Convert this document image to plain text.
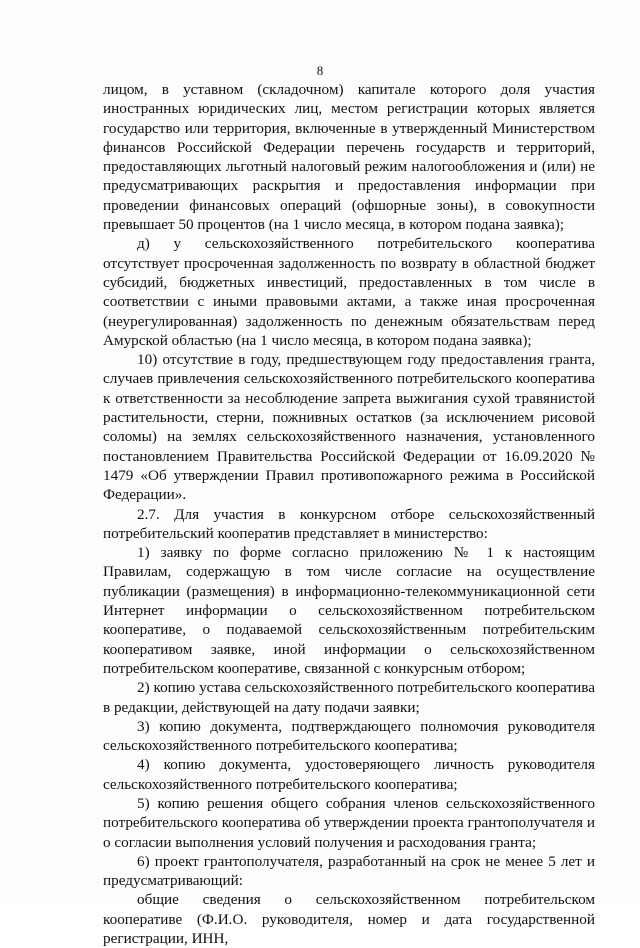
8

лицом, в уставном (складочном) капитале которого доля участия иностранных юридических лиц, местом регистрации которых является государство или территория, включенные в утвержденный Министерством финансов Российской Федерации перечень государств и территорий, предоставляющих льготный налоговый режим налогообложения и (или) не предусматривающих раскрытия и предоставления информации при проведении финансовых операций (офшорные зоны), в совокупности превышает 50 процентов (на 1 число месяца, в котором подана заявка);

д) у сельскохозяйственного потребительского кооператива отсутствует просроченная задолженность по возврату в областной бюджет субсидий, бюджетных инвестиций, предоставленных в том числе в соответствии с иными правовыми актами, а также иная просроченная (неурегулированная) задолженность по денежным обязательствам перед Амурской областью (на 1 число месяца, в котором подана заявка);

10) отсутствие в году, предшествующем году предоставления гранта, случаев привлечения сельскохозяйственного потребительского кооператива к ответственности за несоблюдение запрета выжигания сухой травянистой растительности, стерни, пожнивных остатков (за исключением рисовой соломы) на землях сельскохозяйственного назначения, установленного постановлением Правительства Российской Федерации от 16.09.2020 № 1479 «Об утверждении Правил противопожарного режима в Российской Федерации».

2.7. Для участия в конкурсном отборе сельскохозяйственный потребительский кооператив представляет в министерство:

1) заявку по форме согласно приложению № 1 к настоящим Правилам, содержащую в том числе согласие на осуществление публикации (размещения) в информационно-телекоммуникационной сети Интернет информации о сельскохозяйственном потребительском кооперативе, о подаваемой сельскохозяйственным потребительским кооперативом заявке, иной информации о сельскохозяйственном потребительском кооперативе, связанной с конкурсным отбором;

2) копию устава сельскохозяйственного потребительского кооператива в редакции, действующей на дату подачи заявки;

3) копию документа, подтверждающего полномочия руководителя сельскохозяйственного потребительского кооператива;

4) копию документа, удостоверяющего личность руководителя сельскохозяйственного потребительского кооператива;

5) копию решения общего собрания членов сельскохозяйственного потребительского кооператива об утверждении проекта грантополучателя и о согласии выполнения условий получения и расходования гранта;

6) проект грантополучателя, разработанный на срок не менее 5 лет и предусматривающий:

общие сведения о сельскохозяйственном потребительском кооперативе (Ф.И.О. руководителя, номер и дата государственной регистрации, ИНН,
